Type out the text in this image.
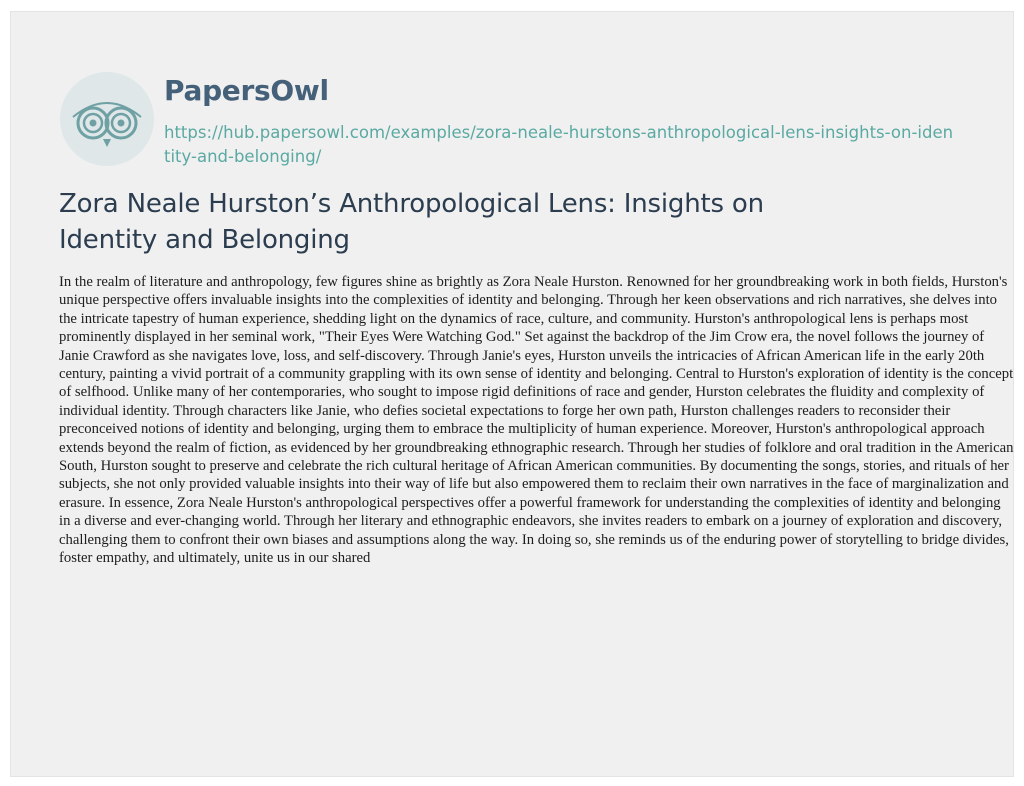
PapersOwl
https://hub.papersowl.com/examples/zora-neale-hurstons-anthropological-lens-insights-on-identity-and-belonging/
Zora Neale Hurston’s Anthropological Lens: Insights on Identity and Belonging
In the realm of literature and anthropology, few figures shine as brightly as Zora Neale Hurston. Renowned for her groundbreaking work in both fields, Hurston's unique perspective offers invaluable insights into the complexities of identity and belonging. Through her keen observations and rich narratives, she delves into the intricate tapestry of human experience, shedding light on the dynamics of race, culture, and community. Hurston's anthropological lens is perhaps most prominently displayed in her seminal work, "Their Eyes Were Watching God." Set against the backdrop of the Jim Crow era, the novel follows the journey of Janie Crawford as she navigates love, loss, and self-discovery. Through Janie's eyes, Hurston unveils the intricacies of African American life in the early 20th century, painting a vivid portrait of a community grappling with its own sense of identity and belonging. Central to Hurston's exploration of identity is the concept of selfhood. Unlike many of her contemporaries, who sought to impose rigid definitions of race and gender, Hurston celebrates the fluidity and complexity of individual identity. Through characters like Janie, who defies societal expectations to forge her own path, Hurston challenges readers to reconsider their preconceived notions of identity and belonging, urging them to embrace the multiplicity of human experience. Moreover, Hurston's anthropological approach extends beyond the realm of fiction, as evidenced by her groundbreaking ethnographic research. Through her studies of folklore and oral tradition in the American South, Hurston sought to preserve and celebrate the rich cultural heritage of African American communities. By documenting the songs, stories, and rituals of her subjects, she not only provided valuable insights into their way of life but also empowered them to reclaim their own narratives in the face of marginalization and erasure. In essence, Zora Neale Hurston's anthropological perspectives offer a powerful framework for understanding the complexities of identity and belonging in a diverse and ever-changing world. Through her literary and ethnographic endeavors, she invites readers to embark on a journey of exploration and discovery, challenging them to confront their own biases and assumptions along the way. In doing so, she reminds us of the enduring power of storytelling to bridge divides, foster empathy, and ultimately, unite us in our shared
